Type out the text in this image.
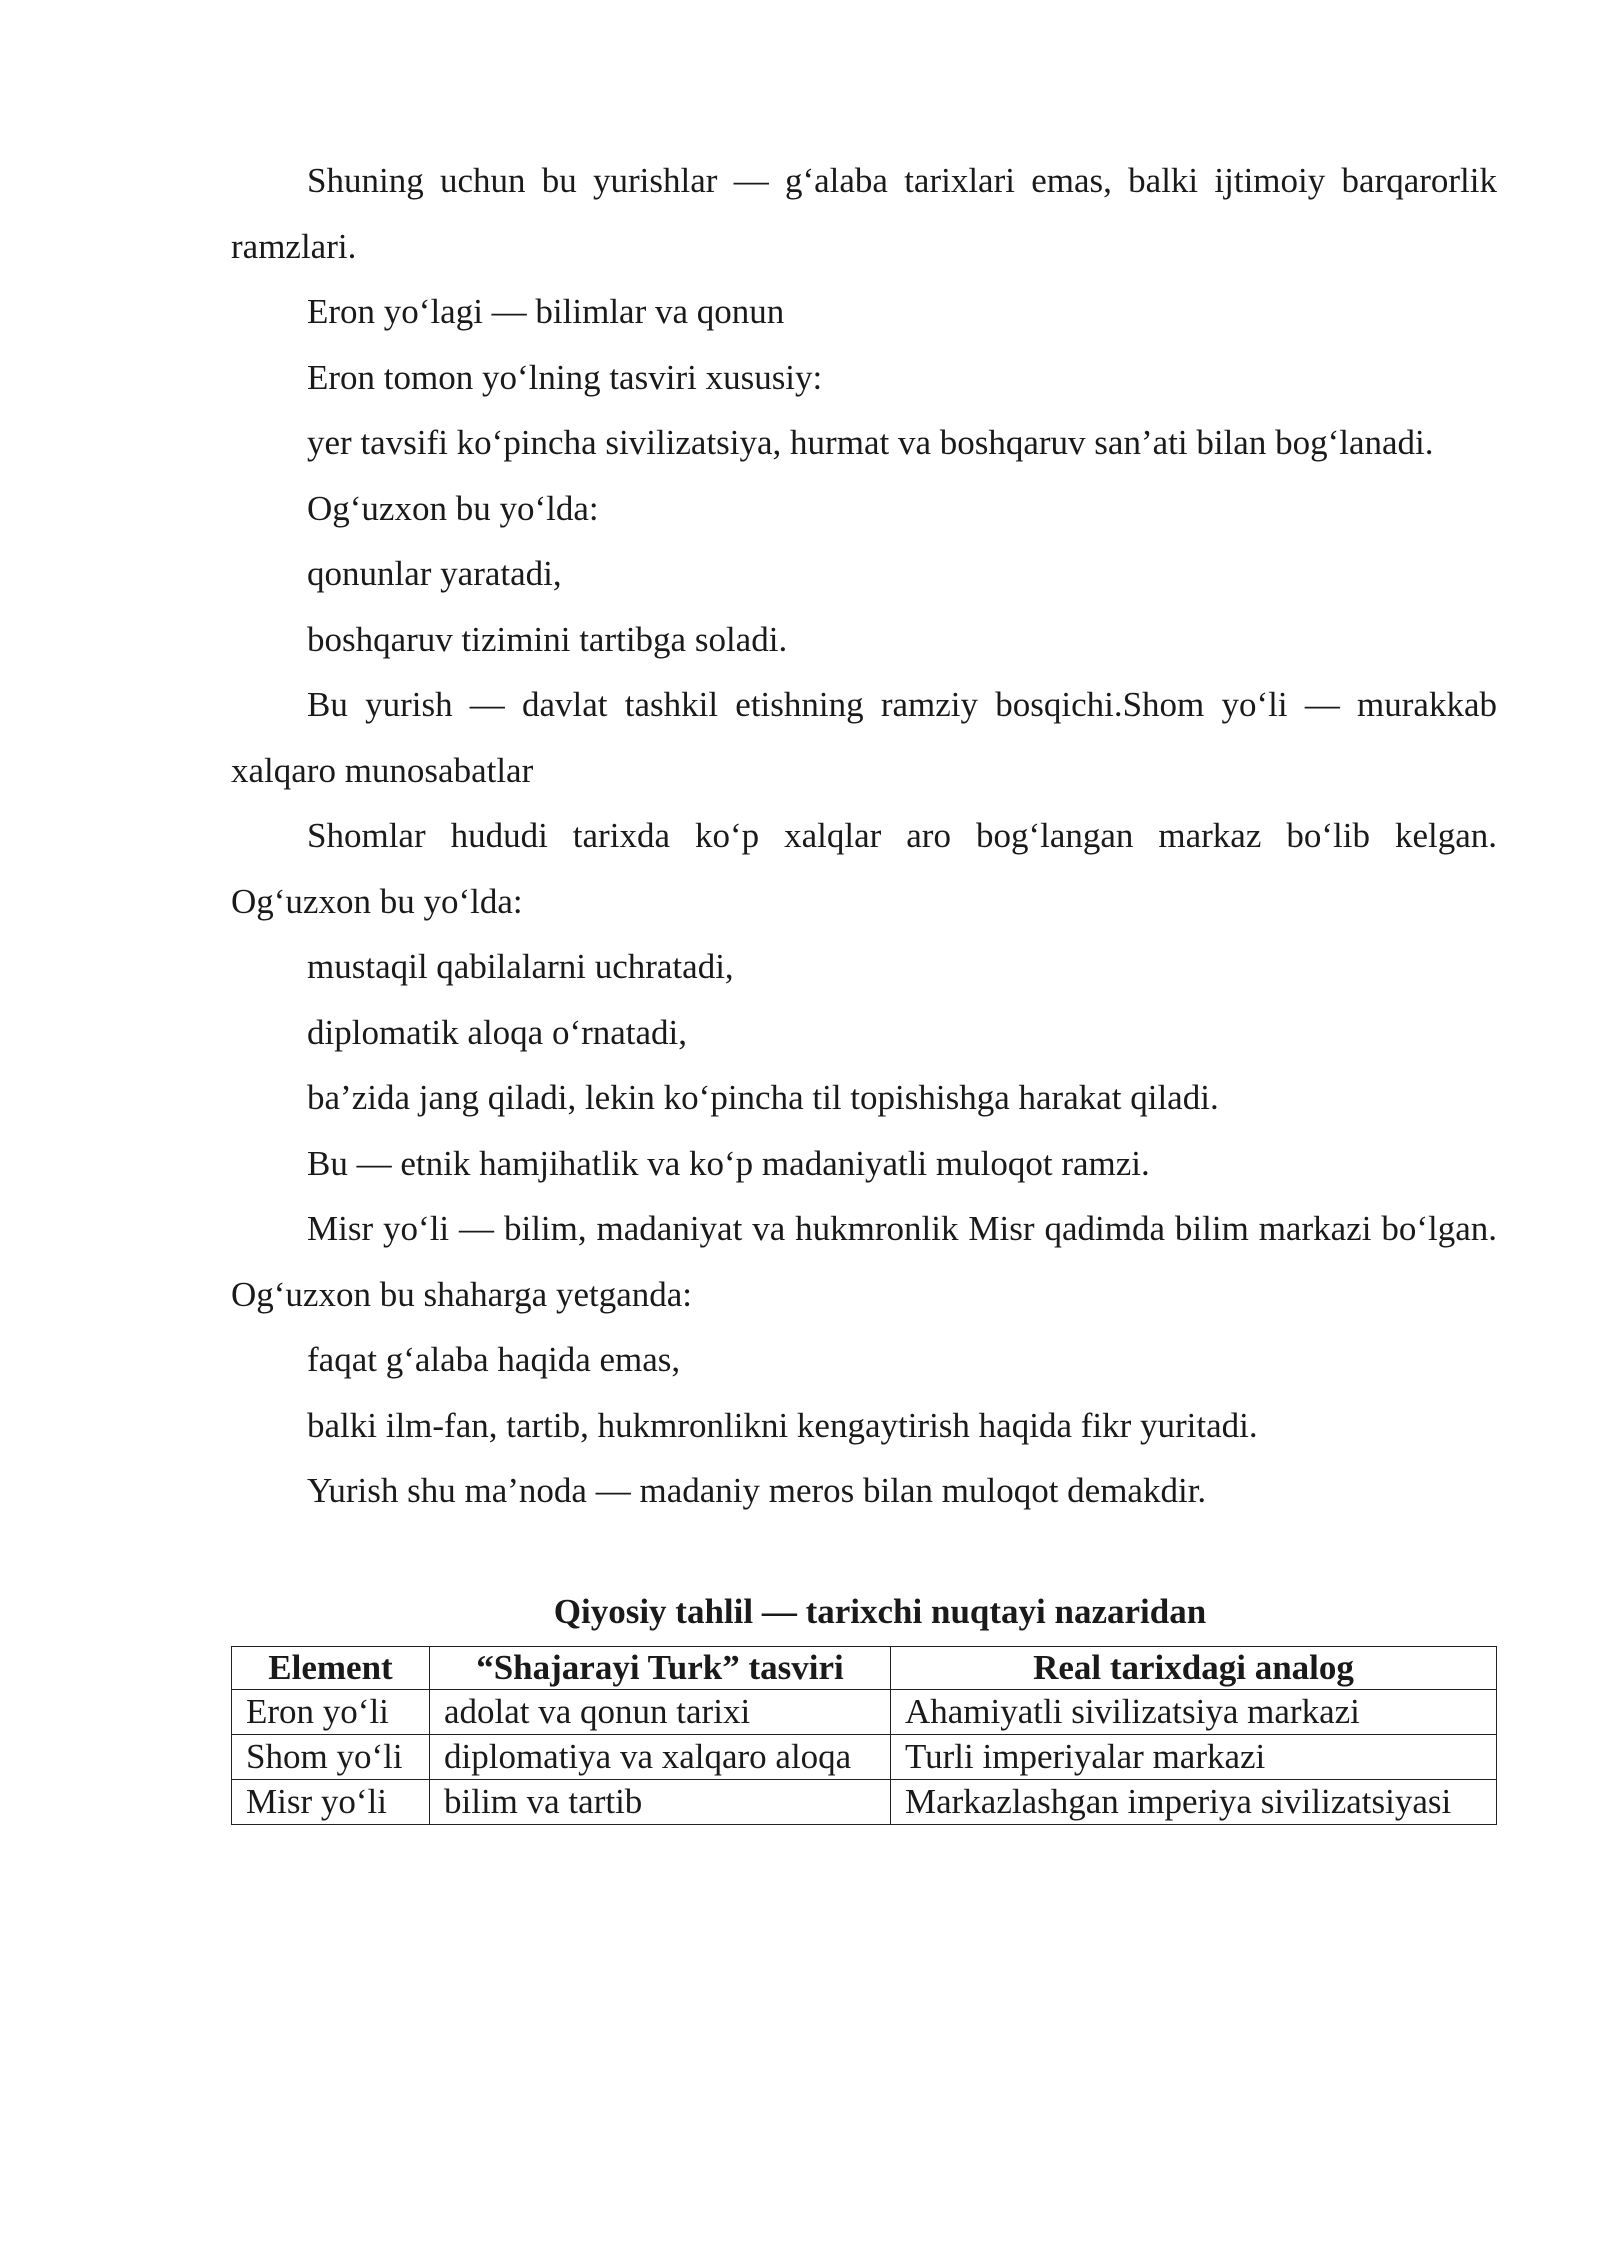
Shuning uchun bu yurishlar — g‘alaba tarixlari emas, balki ijtimoiy barqarorlik ramzlari.

Eron yo‘lagi — bilimlar va qonun

Eron tomon yo‘lning tasviri xususiy:

yer tavsifi ko‘pincha sivilizatsiya, hurmat va boshqaruv san’ati bilan bog‘lanadi.

Og‘uzxon bu yo‘lda:

qonunlar yaratadi,

boshqaruv tizimini tartibga soladi.

Bu yurish — davlat tashkil etishning ramziy bosqichi.Shom yo‘li — murakkab xalqaro munosabatlar

Shomlar hududi tarixda ko‘p xalqlar aro bog‘langan markaz bo‘lib kelgan. Og‘uzxon bu yo‘lda:

mustaqil qabilalarni uchratadi,

diplomatik aloqa o‘rnatadi,

ba’zida jang qiladi, lekin ko‘pincha til topishishga harakat qiladi.

Bu — etnik hamjihatlik va ko‘p madaniyatli muloqot ramzi.

Misr yo‘li — bilim, madaniyat va hukmronlik Misr qadimda bilim markazi bo‘lgan. Og‘uzxon bu shaharga yetganda:

faqat g‘alaba haqida emas,

balki ilm-fan, tartib, hukmronlikni kengaytirish haqida fikr yuritadi.

Yurish shu ma’noda — madaniy meros bilan muloqot demakdir.

Qiyosiy tahlil — tarixchi nuqtayi nazaridan
Element	“Shajarayi Turk” tasviri	Real tarixdagi analog
Eron yo‘li	adolat va qonun tarixi	Ahamiyatli sivilizatsiya markazi
Shom yo‘li	diplomatiya va xalqaro aloqa	Turli imperiyalar markazi
Misr yo‘li	bilim va tartib	Markazlashgan imperiya sivilizatsiyasi
